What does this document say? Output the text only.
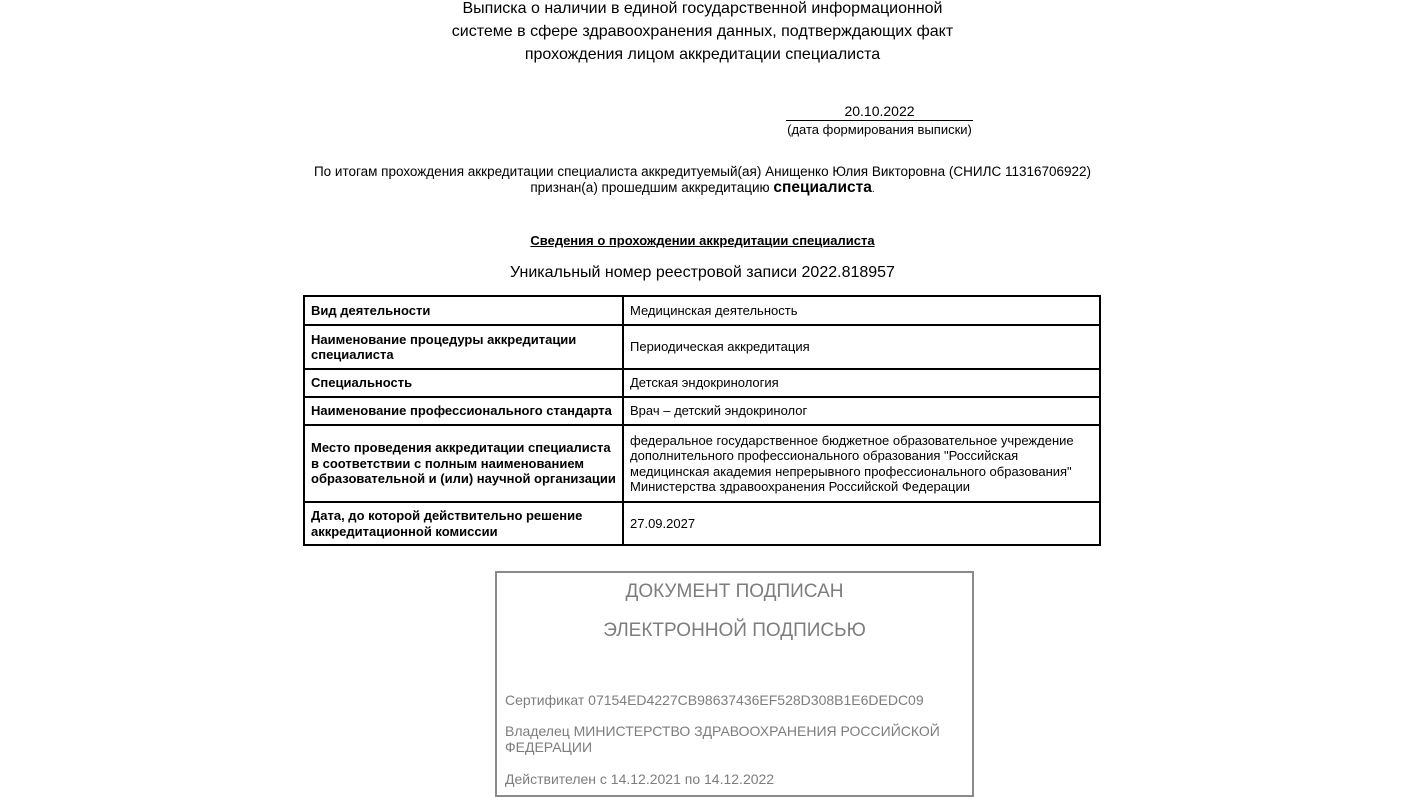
Выписка о наличии в единой государственной информационной
системе в сфере здравоохранения данных, подтверждающих факт
прохождения лицом аккредитации специалиста
20.10.2022
(дата формирования выписки)
По итогам прохождения аккредитации специалиста аккредитуемый(ая) Анищенко Юлия Викторовна (СНИЛС 11316706922)
признан(а) прошедшим аккредитацию специалиста.
Сведения о прохождении аккредитации специалиста
Уникальный номер реестровой записи 2022.818957
Вид деятельности	Медицинская деятельность
Наименование процедуры аккредитации специалиста	Периодическая аккредитация
Специальность	Детская эндокринология
Наименование профессионального стандарта	Врач – детский эндокринолог
Место проведения аккредитации специалиста в соответствии с полным наименованием образовательной и (или) научной организации	федеральное государственное бюджетное образовательное учреждение дополнительного профессионального образования "Российская медицинская академия непрерывного профессионального образования" Министерства здравоохранения Российской Федерации
Дата, до которой действительно решение аккредитационной комиссии	27.09.2027
ДОКУМЕНТ ПОДПИСАН
ЭЛЕКТРОННОЙ ПОДПИСЬЮ
Сертификат 07154ED4227CB98637436EF528D308B1E6DEDC09
Владелец МИНИСТЕРСТВО ЗДРАВООХРАНЕНИЯ РОССИЙСКОЙ ФЕДЕРАЦИИ
Действителен с 14.12.2021 по 14.12.2022
